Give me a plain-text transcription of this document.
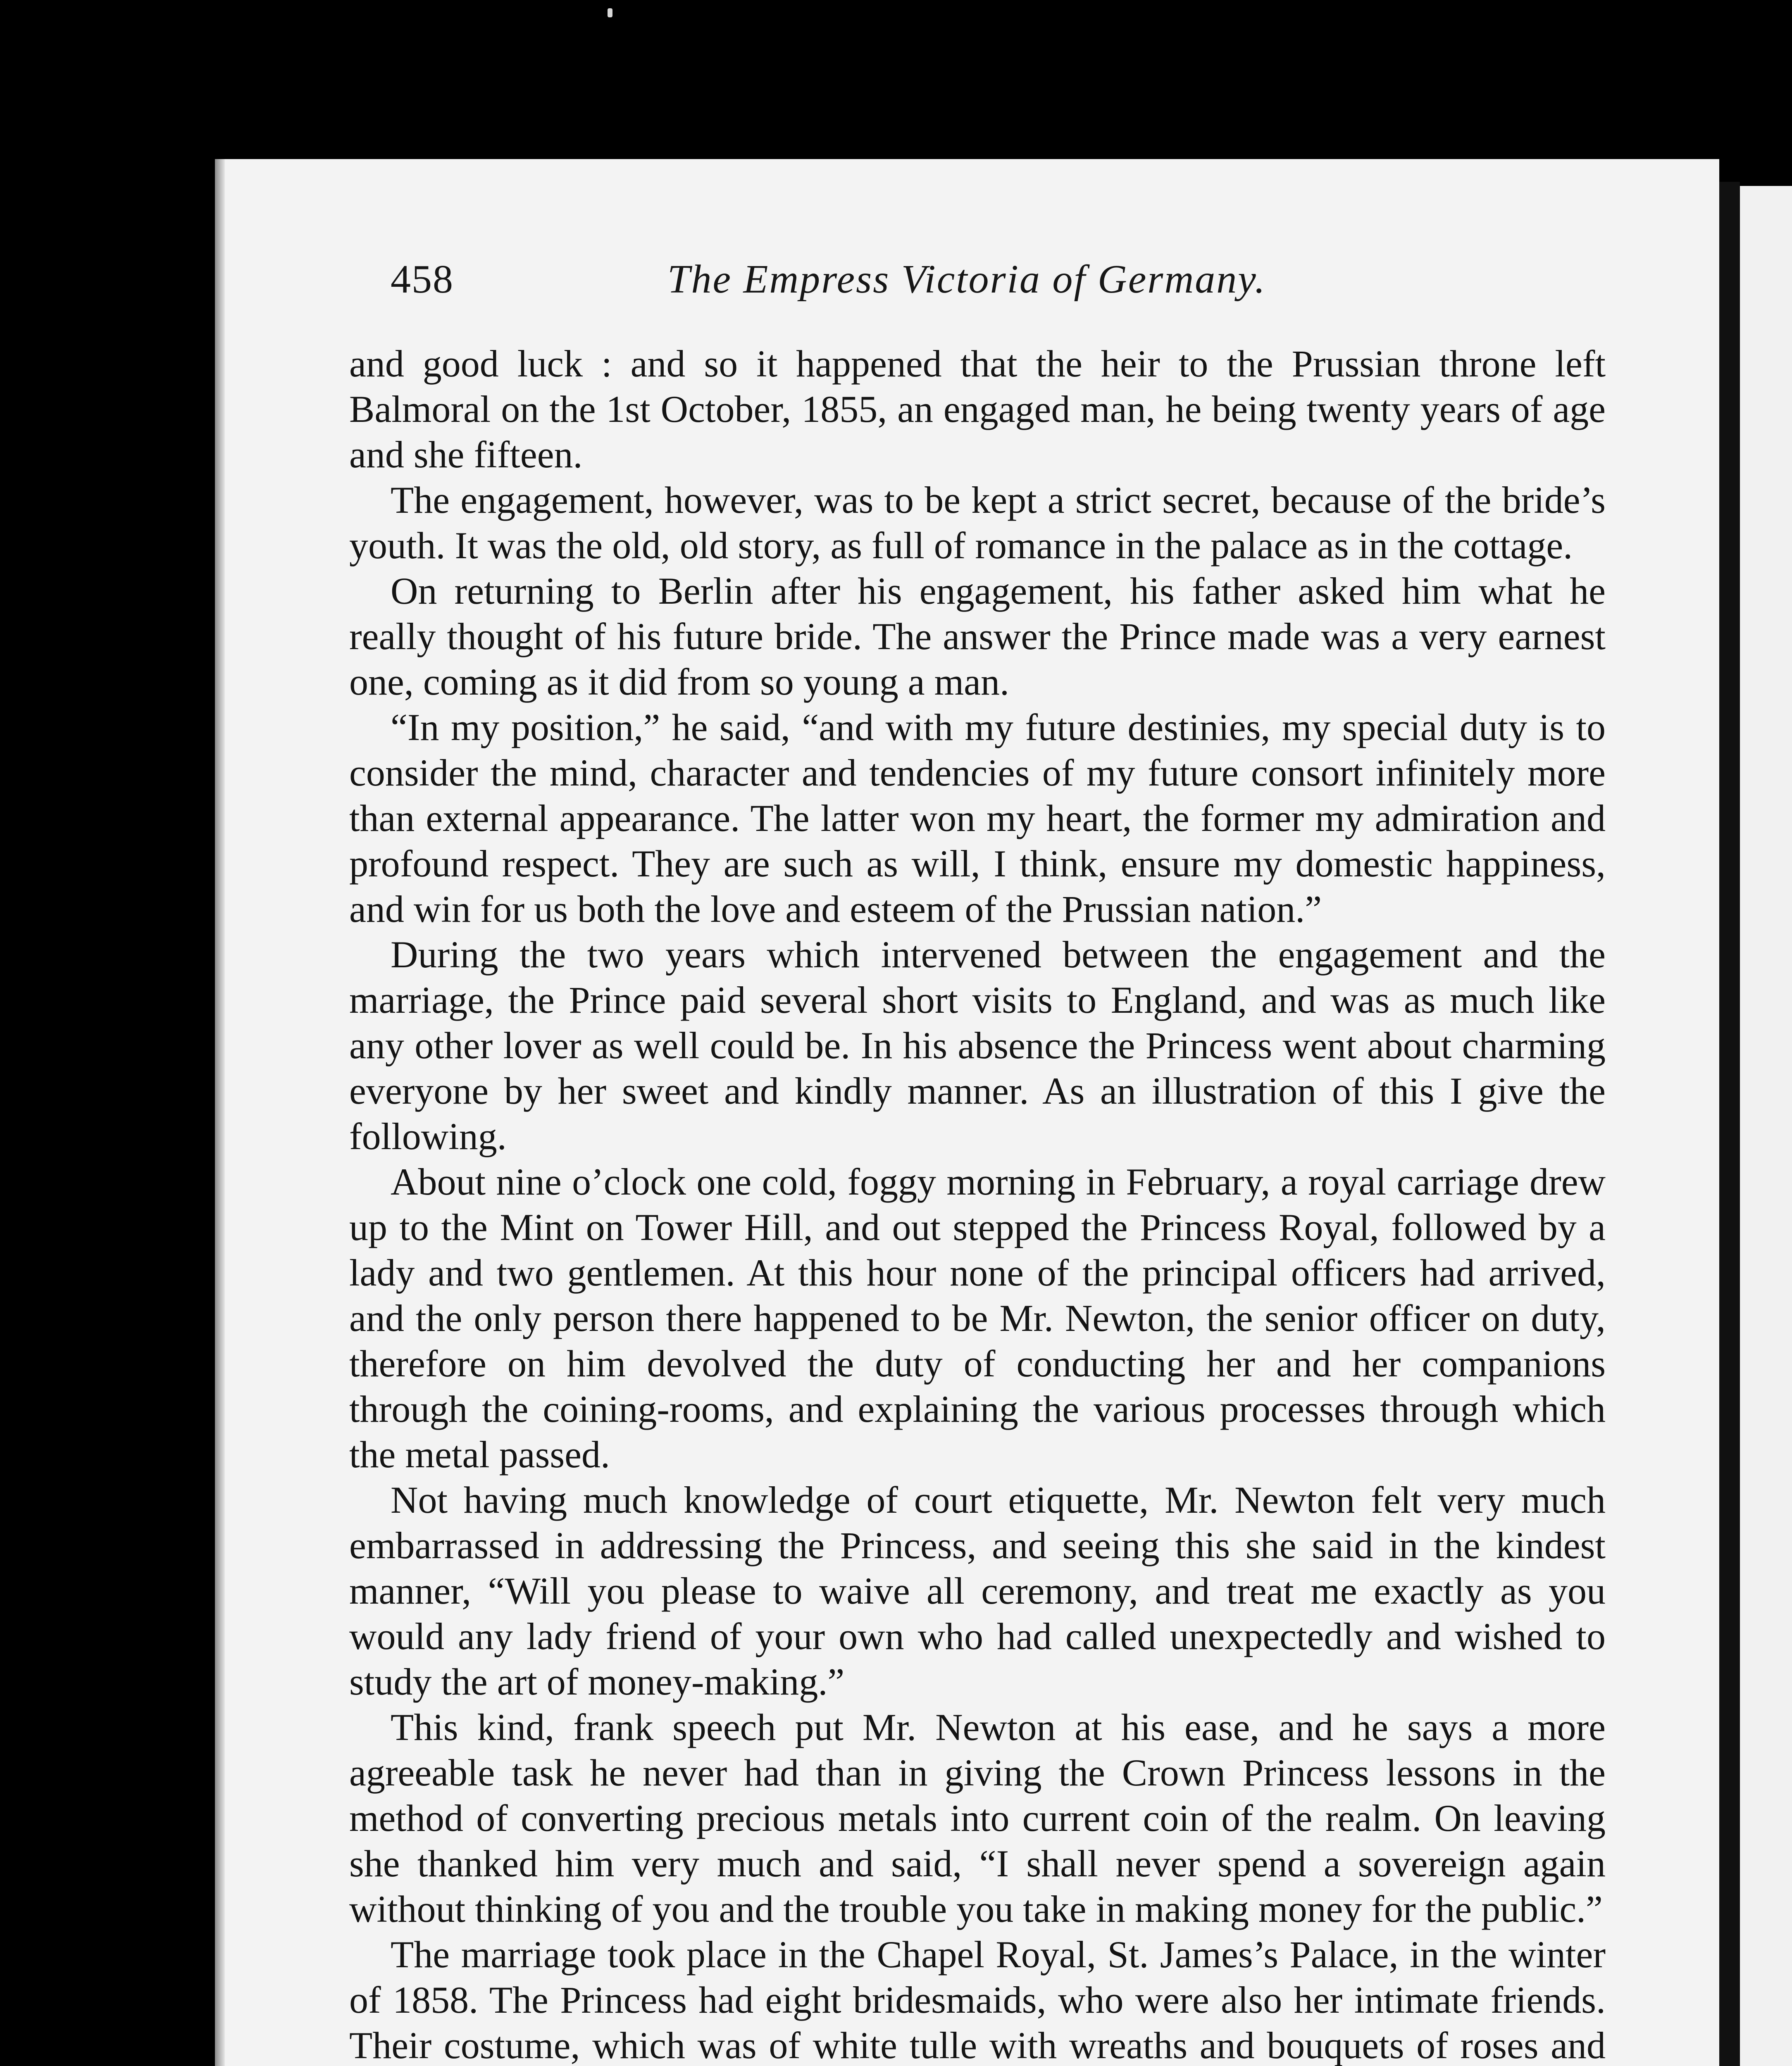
458	The Empress Victoria of Germany.

and good luck : and so it happened that the heir to the Prussian throne left Balmoral on the 1st October, 1855, an engaged man, he being twenty years of age and she fifteen.

The engagement, however, was to be kept a strict secret, because of the bride’s youth. It was the old, old story, as full of romance in the palace as in the cottage.

On returning to Berlin after his engagement, his father asked him what he really thought of his future bride. The answer the Prince made was a very earnest one, coming as it did from so young a man.

“In my position,” he said, “and with my future destinies, my special duty is to consider the mind, character and tendencies of my future consort infinitely more than external appearance. The latter won my heart, the former my admiration and profound respect. They are such as will, I think, ensure my domestic happiness, and win for us both the love and esteem of the Prussian nation.”

During the two years which intervened between the engagement and the marriage, the Prince paid several short visits to England, and was as much like any other lover as well could be. In his absence the Princess went about charming everyone by her sweet and kindly manner. As an illustration of this I give the following.

About nine o’clock one cold, foggy morning in February, a royal carriage drew up to the Mint on Tower Hill, and out stepped the Princess Royal, followed by a lady and two gentlemen. At this hour none of the principal officers had arrived, and the only person there happened to be Mr. Newton, the senior officer on duty, therefore on him devolved the duty of conducting her and her companions through the coining-rooms, and explaining the various processes through which the metal passed.

Not having much knowledge of court etiquette, Mr. Newton felt very much embarrassed in addressing the Princess, and seeing this she said in the kindest manner, “Will you please to waive all ceremony, and treat me exactly as you would any lady friend of your own who had called unexpectedly and wished to study the art of money-making.”

This kind, frank speech put Mr. Newton at his ease, and he says a more agreeable task he never had than in giving the Crown Princess lessons in the method of converting precious metals into current coin of the realm. On leaving she thanked him very much and said, “I shall never spend a sovereign again without thinking of you and the trouble you take in making money for the public.”

The marriage took place in the Chapel Royal, St. James’s Palace, in the winter of 1858. The Princess had eight bridesmaids, who were also her intimate friends. Their costume, which was of white tulle with wreaths and bouquets of roses and
